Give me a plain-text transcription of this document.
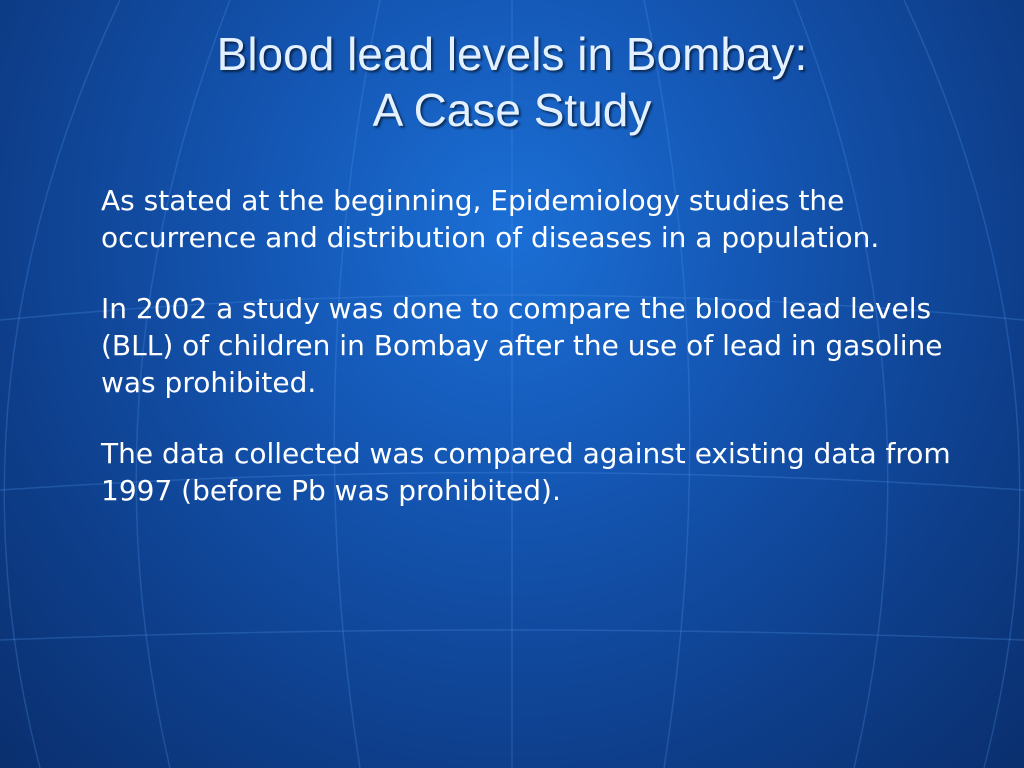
Blood lead levels in Bombay:
A Case Study

As stated at the beginning, Epidemiology studies the occurrence and distribution of diseases in a population.

In 2002 a study was done to compare the blood lead levels (BLL) of children in Bombay after the use of lead in gasoline was prohibited.

The data collected was compared against existing data from 1997 (before Pb was prohibited).
